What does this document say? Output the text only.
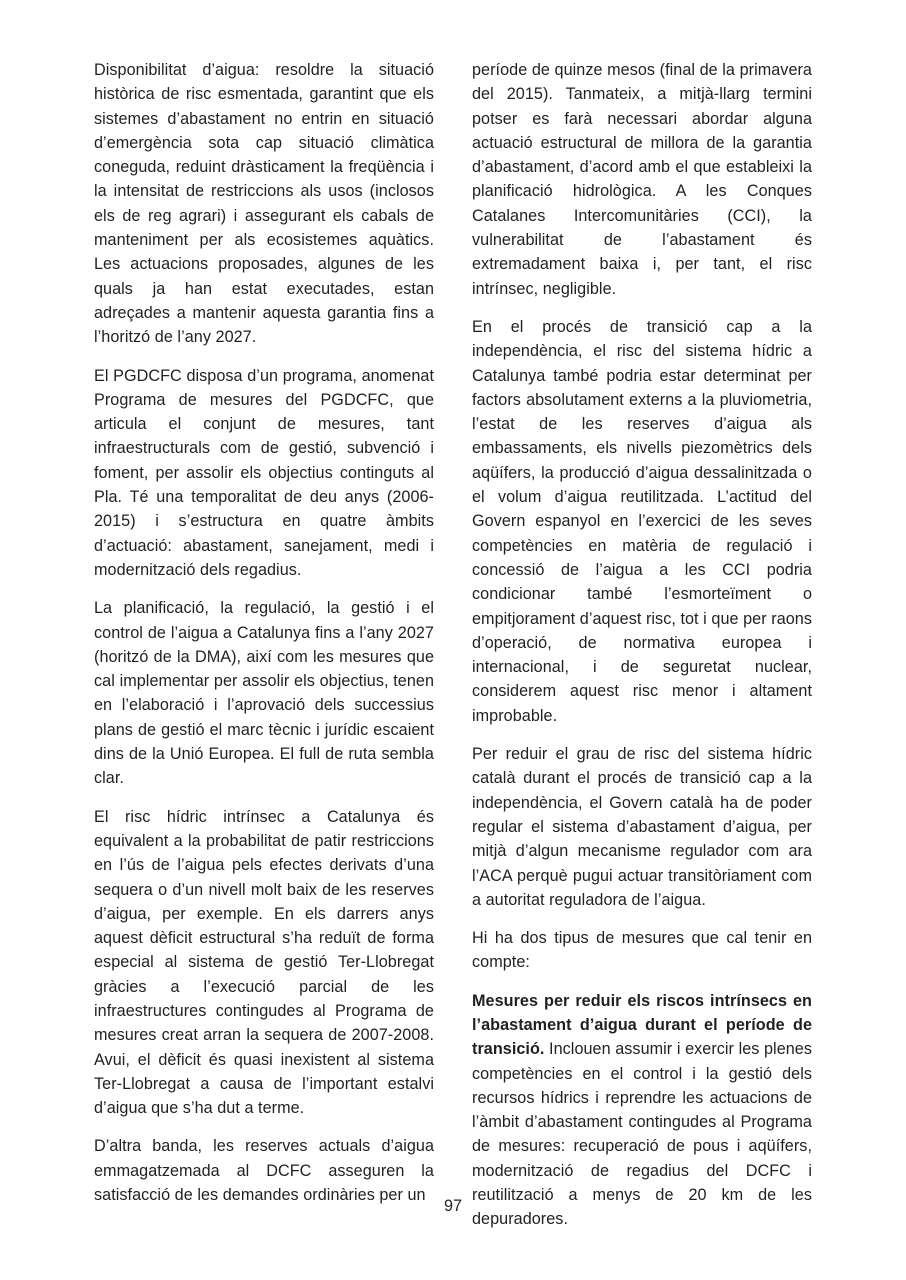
Disponibilitat d’aigua: resoldre la situació històrica de risc esmentada, garantint que els sistemes d’abastament no entrin en situació d’emergència sota cap situació climàtica coneguda, reduint dràsticament la freqüència i la intensitat de restriccions als usos (inclosos els de reg agrari) i assegurant els cabals de manteniment per als ecosistemes aquàtics. Les actuacions proposades, algunes de les quals ja han estat executades, estan adreçades a mantenir aquesta garantia fins a l’horitzó de l’any 2027.

El PGDCFC disposa d’un programa, anomenat Programa de mesures del PGDCFC, que articula el conjunt de mesures, tant infraestructurals com de gestió, subvenció i foment, per assolir els objectius continguts al Pla. Té una temporalitat de deu anys (2006-2015) i s’estructura en quatre àmbits d’actuació: abastament, sanejament, medi i modernització dels regadius.

La planificació, la regulació, la gestió i el control de l’aigua a Catalunya fins a l’any 2027 (horitzó de la DMA), així com les mesures que cal implementar per assolir els objectius, tenen en l’elaboració i l’aprovació dels successius plans de gestió el marc tècnic i jurídic escaient dins de la Unió Europea. El full de ruta sembla clar.

El risc hídric intrínsec a Catalunya és equivalent a la probabilitat de patir restriccions en l’ús de l’aigua pels efectes derivats d’una sequera o d’un nivell molt baix de les reserves d’aigua, per exemple. En els darrers anys aquest dèficit estructural s’ha reduït de forma especial al sistema de gestió Ter-Llobregat gràcies a l’execució parcial de les infraestructures contingudes al Programa de mesures creat arran la sequera de 2007-2008. Avui, el dèficit és quasi inexistent al sistema Ter-Llobregat a causa de l’important estalvi d’aigua que s’ha dut a terme.

D’altra banda, les reserves actuals d’aigua emmagatzemada al DCFC asseguren la satisfacció de les demandes ordinàries per un

període de quinze mesos (final de la primavera del 2015). Tanmateix, a mitjà-llarg termini potser es farà necessari abordar alguna actuació estructural de millora de la garantia d’abastament, d’acord amb el que estableixi la planificació hidrològica. A les Conques Catalanes Intercomunitàries (CCI), la vulnerabilitat de l’abastament és extremadament baixa i, per tant, el risc intrínsec, negligible.

En el procés de transició cap a la independència, el risc del sistema hídric a Catalunya també podria estar determinat per factors absolutament externs a la pluviometria, l’estat de les reserves d’aigua als embassaments, els nivells piezomètrics dels aqüífers, la producció d’aigua dessalinitzada o el volum d’aigua reutilitzada. L’actitud del Govern espanyol en l’exercici de les seves competències en matèria de regulació i concessió de l’aigua a les CCI podria condicionar també l’esmorteïment o empitjorament d’aquest risc, tot i que per raons d’operació, de normativa europea i internacional, i de seguretat nuclear, considerem aquest risc menor i altament improbable.

Per reduir el grau de risc del sistema hídric català durant el procés de transició cap a la independència, el Govern català ha de poder regular el sistema d’abastament d’aigua, per mitjà d’algun mecanisme regulador com ara l’ACA perquè pugui actuar transitòriament com a autoritat reguladora de l’aigua.

Hi ha dos tipus de mesures que cal tenir en compte:

Mesures per reduir els riscos intrínsecs en l’abastament d’aigua durant el període de transició. Inclouen assumir i exercir les plenes competències en el control i la gestió dels recursos hídrics i reprendre les actuacions de l’àmbit d’abastament contingudes al Programa de mesures: recuperació de pous i aqüífers, modernització de regadius del DCFC i reutilització a menys de 20 km de les depuradores.

97
